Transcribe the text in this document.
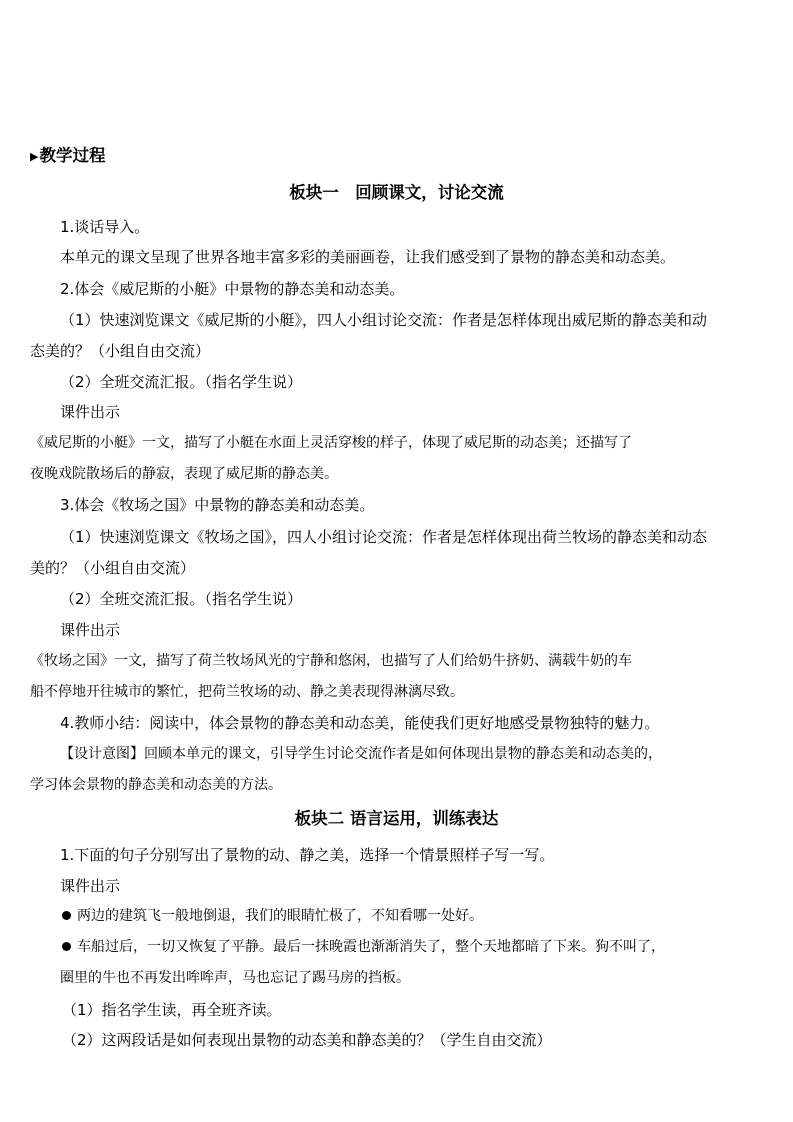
▶教学过程
板块一　回顾课文，讨论交流
1.谈话导入。
本单元的课文呈现了世界各地丰富多彩的美丽画卷，让我们感受到了景物的静态美和动态美。
2.体会《威尼斯的小艇》中景物的静态美和动态美。
（1）快速浏览课文《威尼斯的小艇》，四人小组讨论交流：作者是怎样体现出威尼斯的静态美和动
态美的？（小组自由交流）
（2）全班交流汇报。（指名学生说）
课件出示
《威尼斯的小艇》一文，描写了小艇在水面上灵活穿梭的样子，体现了威尼斯的动态美；还描写了
夜晚戏院散场后的静寂，表现了威尼斯的静态美。
3.体会《牧场之国》中景物的静态美和动态美。
（1）快速浏览课文《牧场之国》，四人小组讨论交流：作者是怎样体现出荷兰牧场的静态美和动态
美的？（小组自由交流）
（2）全班交流汇报。（指名学生说）
课件出示
《牧场之国》一文，描写了荷兰牧场风光的宁静和悠闲，也描写了人们给奶牛挤奶、满载牛奶的车
船不停地开往城市的繁忙，把荷兰牧场的动、静之美表现得淋漓尽致。
4.教师小结：阅读中，体会景物的静态美和动态美，能使我们更好地感受景物独特的魅力。
【设计意图】回顾本单元的课文，引导学生讨论交流作者是如何体现出景物的静态美和动态美的，
学习体会景物的静态美和动态美的方法。
板块二 语言运用，训练表达
1.下面的句子分别写出了景物的动、静之美，选择一个情景照样子写一写。
课件出示
两边的建筑飞一般地倒退，我们的眼睛忙极了，不知看哪一处好。
车船过后，一切又恢复了平静。最后一抹晚霞也渐渐消失了，整个天地都暗了下来。狗不叫了，
圈里的牛也不再发出哞哞声，马也忘记了踢马房的挡板。
（1）指名学生读，再全班齐读。
（2）这两段话是如何表现出景物的动态美和静态美的？（学生自由交流）
